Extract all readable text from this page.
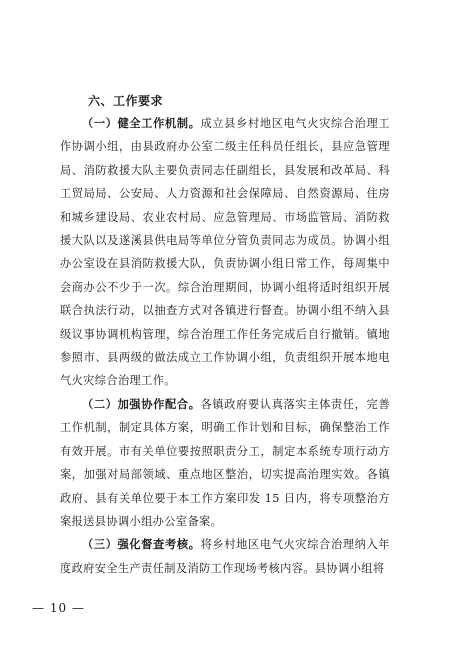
六、工作要求

（一）健全工作机制。成立县乡村地区电气火灾综合治理工作协调小组，由县政府办公室二级主任科员任组长，县应急管理局、消防救援大队主要负责同志任副组长，县发展和改革局、科工贸局局、公安局、人力资源和社会保障局、自然资源局、住房和城乡建设局、农业农村局、应急管理局、市场监管局、消防救援大队以及遂溪县供电局等单位分管负责同志为成员。协调小组办公室设在县消防救援大队，负责协调小组日常工作，每周集中会商办公不少于一次。综合治理期间，协调小组将适时组织开展联合执法行动，以抽查方式对各镇进行督查。协调小组不纳入县级议事协调机构管理，综合治理工作任务完成后自行撤销。镇地参照市、县两级的做法成立工作协调小组，负责组织开展本地电气火灾综合治理工作。

（二）加强协作配合。各镇政府要认真落实主体责任，完善工作机制，制定具体方案，明确工作计划和目标，确保整治工作有效开展。市有关单位要按照职责分工，制定本系统专项行动方案，加强对局部领域、重点地区整治，切实提高治理实效。各镇政府、县有关单位要于本工作方案印发 15 日内，将专项整治方案报送县协调小组办公室备案。

（三）强化督查考核。将乡村地区电气火灾综合治理纳入年度政府安全生产责任制及消防工作现场考核内容。县协调小组将

— 10 —
